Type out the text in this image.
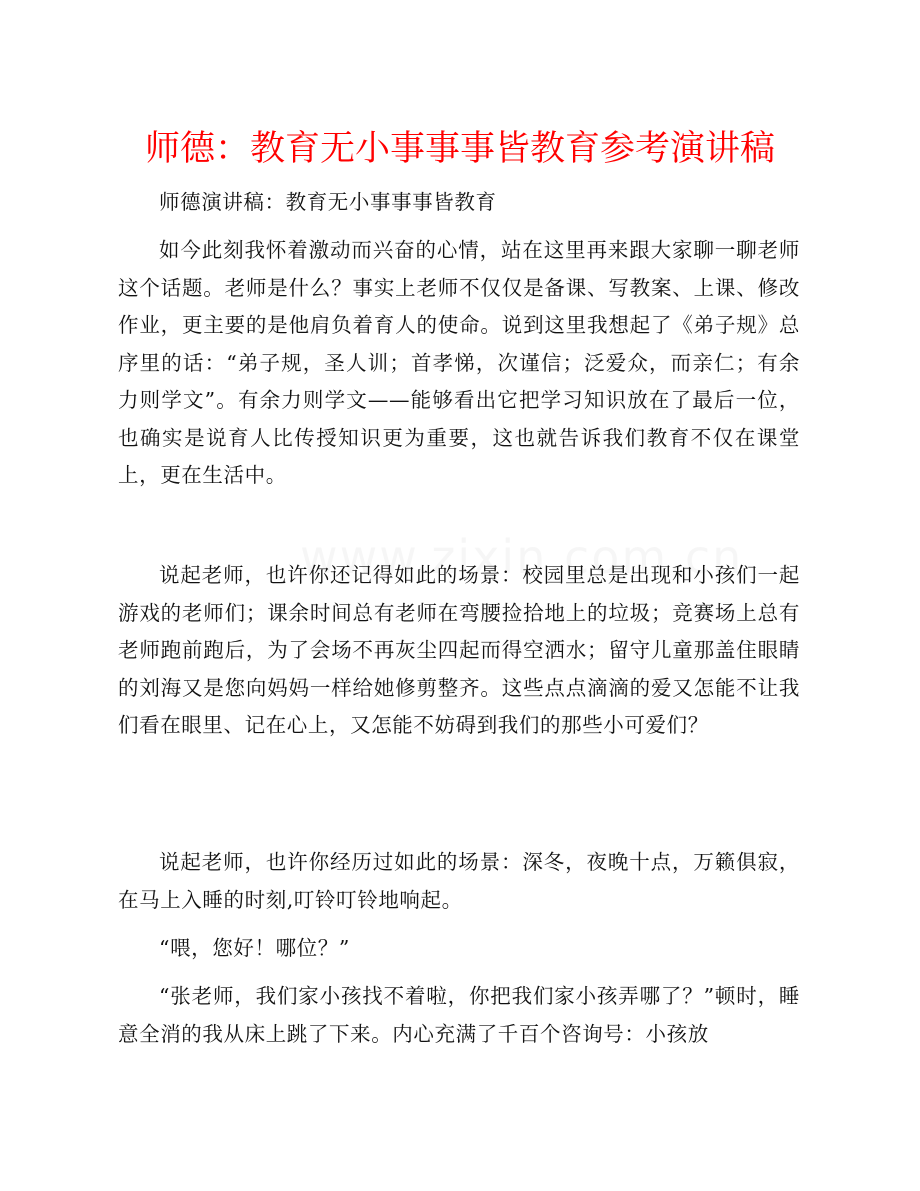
师德：教育无小事事事皆教育参考演讲稿

师德演讲稿：教育无小事事事皆教育

如今此刻我怀着激动而兴奋的心情，站在这里再来跟大家聊一聊老师这个话题。老师是什么？事实上老师不仅仅是备课、写教案、上课、修改作业，更主要的是他肩负着育人的使命。说到这里我想起了《弟子规》总序里的话：“弟子规，圣人训；首孝悌，次谨信；泛爱众，而亲仁；有余力则学文”。有余力则学文——能够看出它把学习知识放在了最后一位，也确实是说育人比传授知识更为重要，这也就告诉我们教育不仅在课堂上，更在生活中。

说起老师，也许你还记得如此的场景：校园里总是出现和小孩们一起游戏的老师们；课余时间总有老师在弯腰捡拾地上的垃圾；竞赛场上总有老师跑前跑后，为了会场不再灰尘四起而得空洒水；留守儿童那盖住眼睛的刘海又是您向妈妈一样给她修剪整齐。这些点点滴滴的爱又怎能不让我们看在眼里、记在心上，又怎能不妨碍到我们的那些小可爱们？

说起老师，也许你经历过如此的场景：深冬，夜晚十点，万籁俱寂，在马上入睡的时刻,叮铃叮铃地响起。

“喂，您好！哪位？”

“张老师，我们家小孩找不着啦，你把我们家小孩弄哪了？”顿时，睡意全消的我从床上跳了下来。内心充满了千百个咨询号：小孩放
